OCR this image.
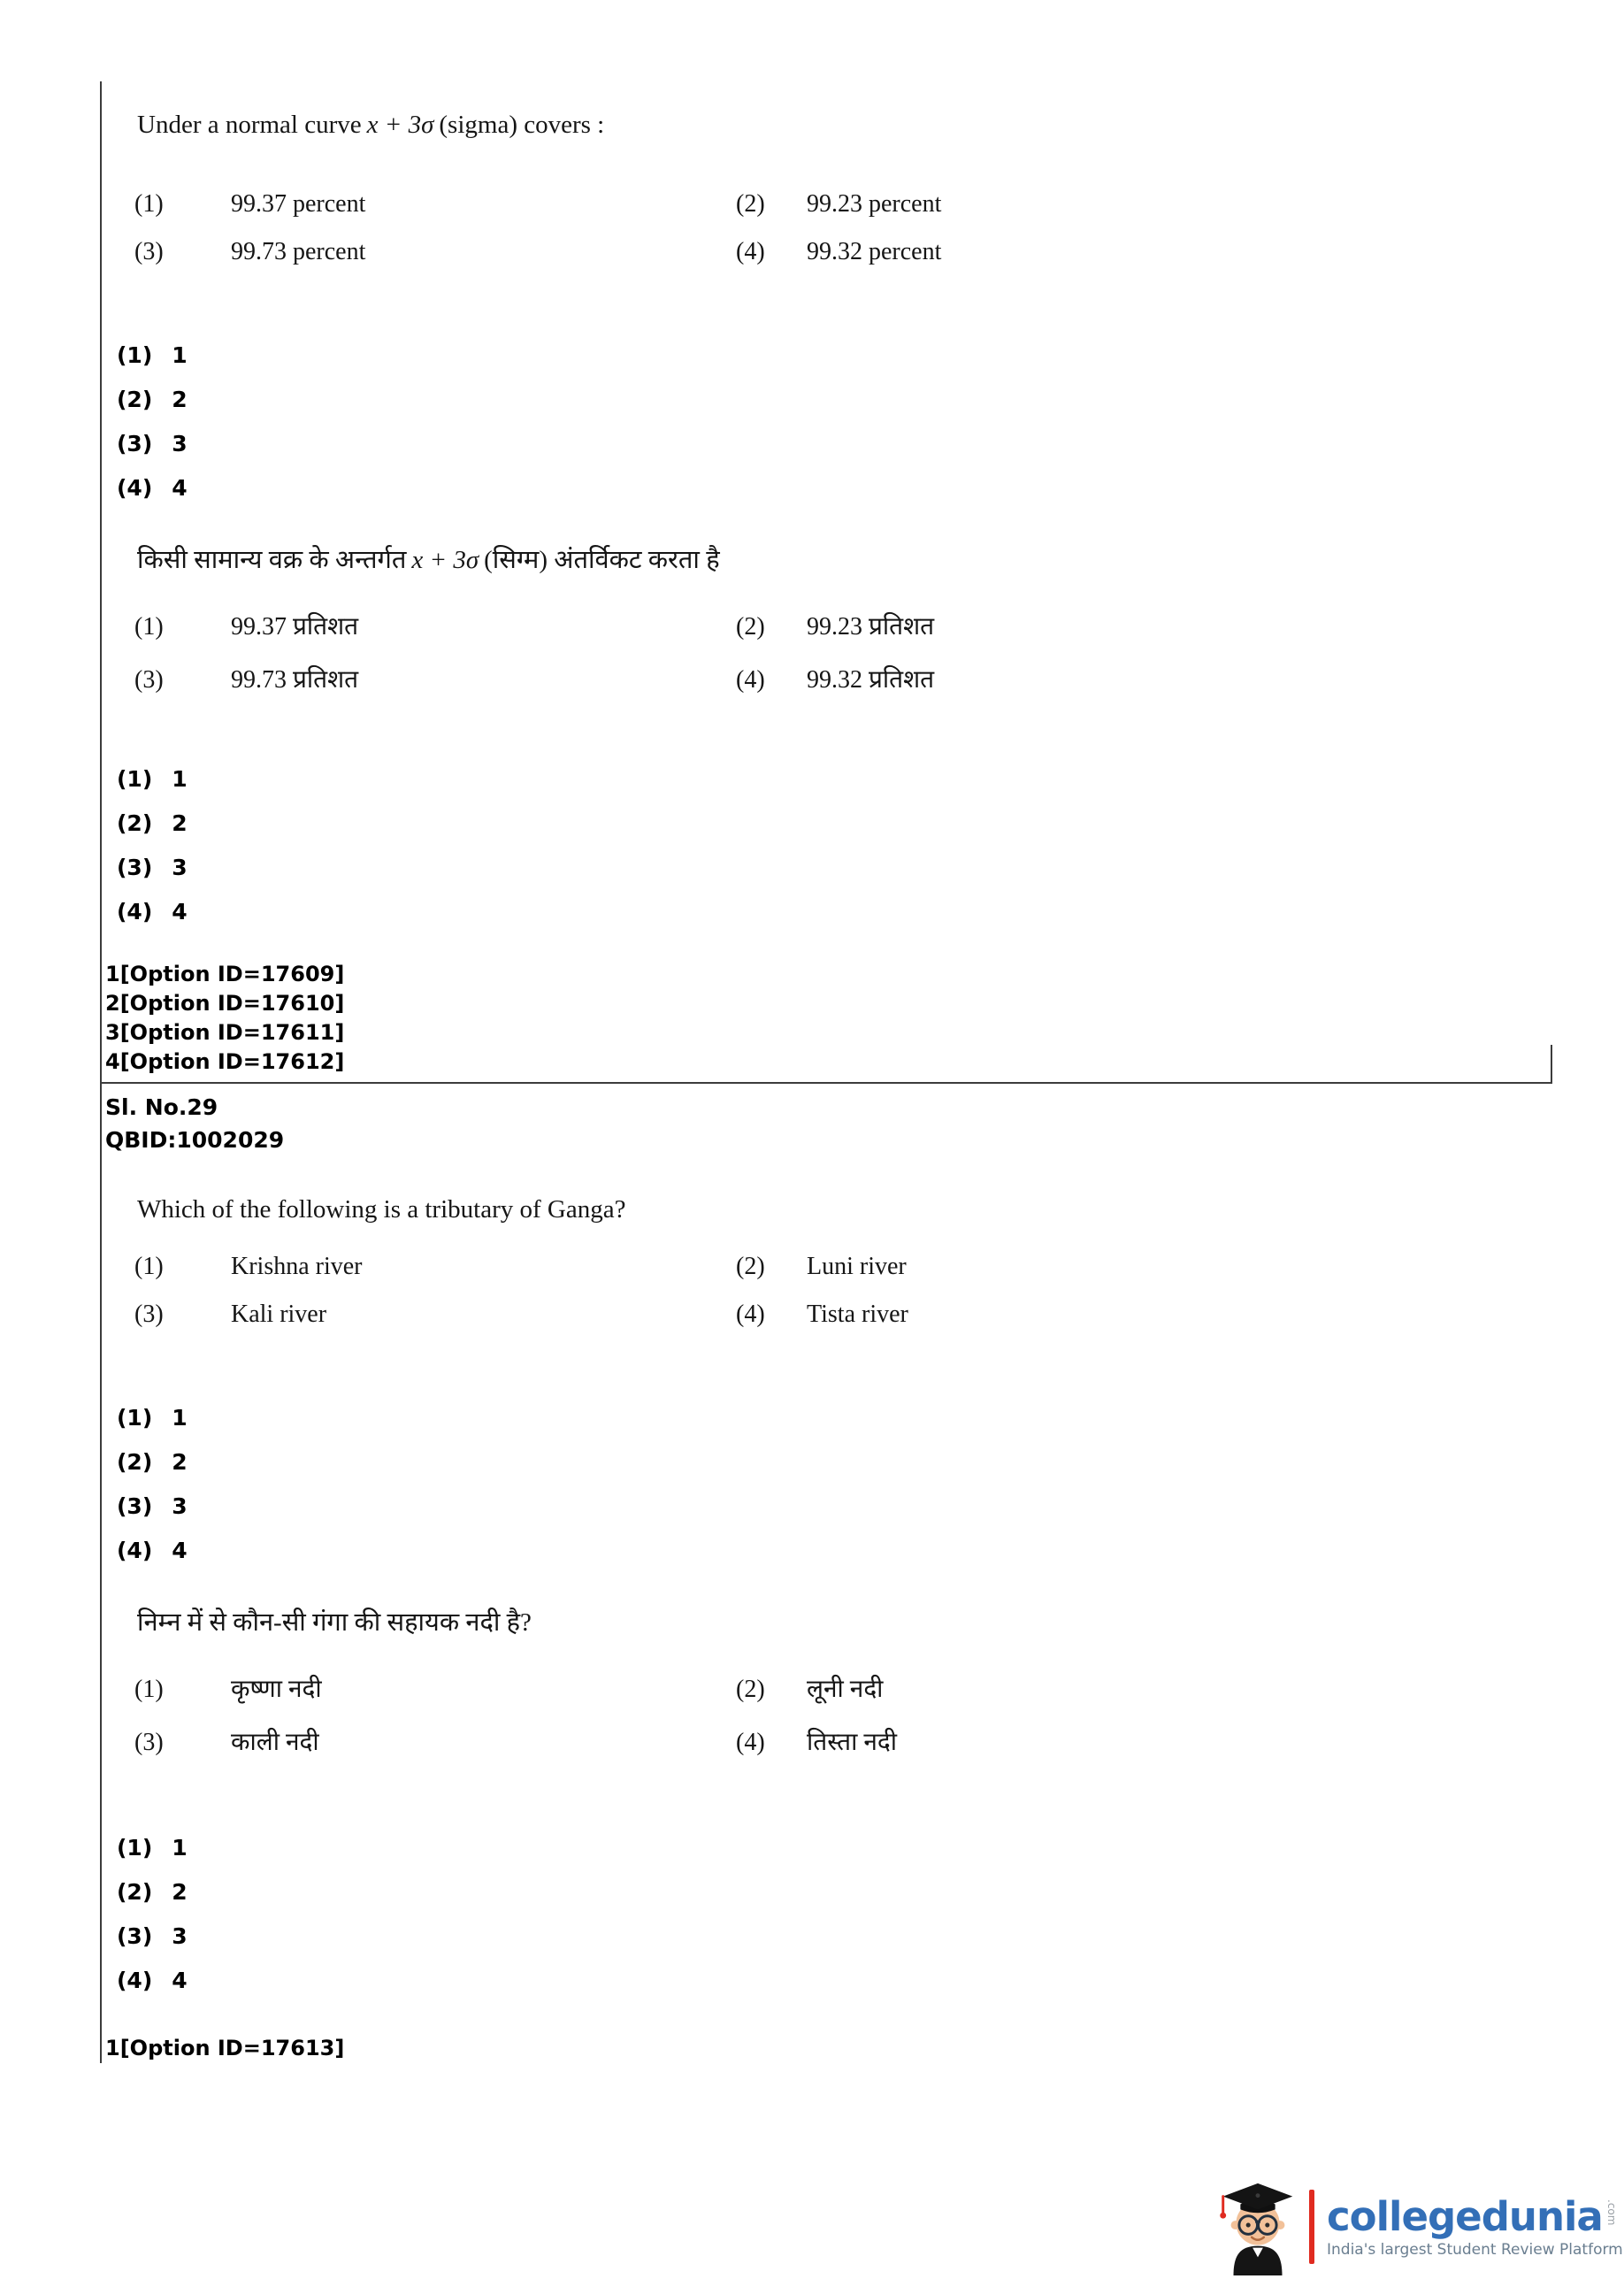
Under a normal curve x + 3σ (sigma) covers :

(1)	99.37 percent	(2)	99.23 percent
(3)	99.73 percent	(4)	99.32 percent
(1) 1
(2) 2
(3) 3
(4) 4

किसी सामान्य वक्र के अन्तर्गत x + 3σ (सिग्म) अंतर्विकट करता है

(1)	99.37 प्रतिशत	(2)	99.23 प्रतिशत
(3)	99.73 प्रतिशत	(4)	99.32 प्रतिशत
(1) 1
(2) 2
(3) 3
(4) 4
1[Option ID=17609]
2[Option ID=17610]
3[Option ID=17611]
4[Option ID=17612]
Sl. No.29
QBID:1002029

Which of the following is a tributary of Ganga?

(1)	Krishna river	(2)	Luni river
(3)	Kali river	(4)	Tista river
(1) 1
(2) 2
(3) 3
(4) 4

निम्न में से कौन-सी गंगा की सहायक नदी है?

(1)	कृष्णा नदी	(2)	लूनी नदी
(3)	काली नदी	(4)	तिस्ता नदी
(1) 1
(2) 2
(3) 3
(4) 4
1[Option ID=17613]
collegedunia .com
India's largest Student Review Platform
